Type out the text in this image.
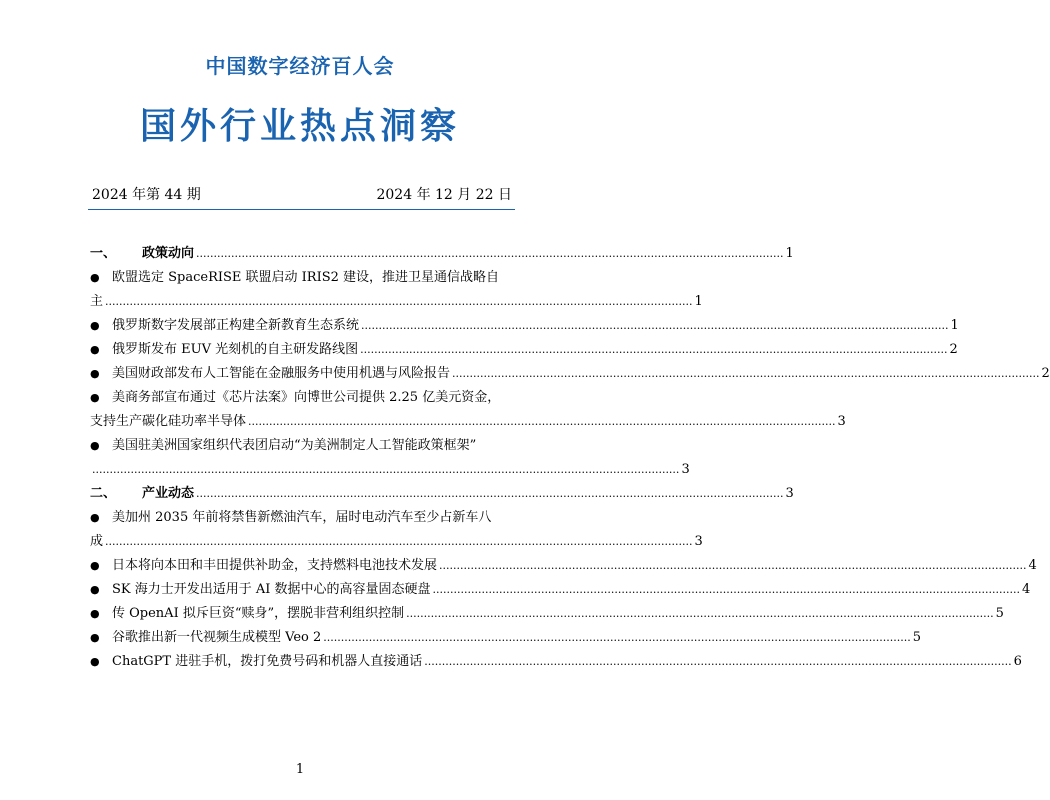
中国数字经济百人会
国外行业热点洞察
2024 年第 44 期	2024 年 12 月 22 日
一、 政策动向 ........................................................................................................................................................................ 1
● 欧盟选定 SpaceRISE 联盟启动 IRIS2 建设，推进卫星通信战略自
主 ........................................................................................................................................................................ 1
● 俄罗斯数字发展部正构建全新教育生态系统 ........................................................................................................................................................................ 1
● 俄罗斯发布 EUV 光刻机的自主研发路线图 ........................................................................................................................................................................ 2
● 美国财政部发布人工智能在金融服务中使用机遇与风险报告 ........................................................................................................................................................................ 2
● 美商务部宣布通过《芯片法案》向博世公司提供 2.25 亿美元资金，
支持生产碳化硅功率半导体 ........................................................................................................................................................................ 3
● 美国驻美洲国家组织代表团启动“为美洲制定人工智能政策框架”
........................................................................................................................................................................ 3
二、 产业动态 ........................................................................................................................................................................ 3
● 美加州 2035 年前将禁售新燃油汽车，届时电动汽车至少占新车八
成 ........................................................................................................................................................................ 3
● 日本将向本田和丰田提供补助金，支持燃料电池技术发展 ........................................................................................................................................................................ 4
● SK 海力士开发出适用于 AI 数据中心的高容量固态硬盘 ........................................................................................................................................................................ 4
● 传 OpenAI 拟斥巨资“赎身”，摆脱非营利组织控制 ........................................................................................................................................................................ 5
● 谷歌推出新一代视频生成模型 Veo 2 ........................................................................................................................................................................ 5
● ChatGPT 进驻手机，拨打免费号码和机器人直接通话 ........................................................................................................................................................................ 6
1
